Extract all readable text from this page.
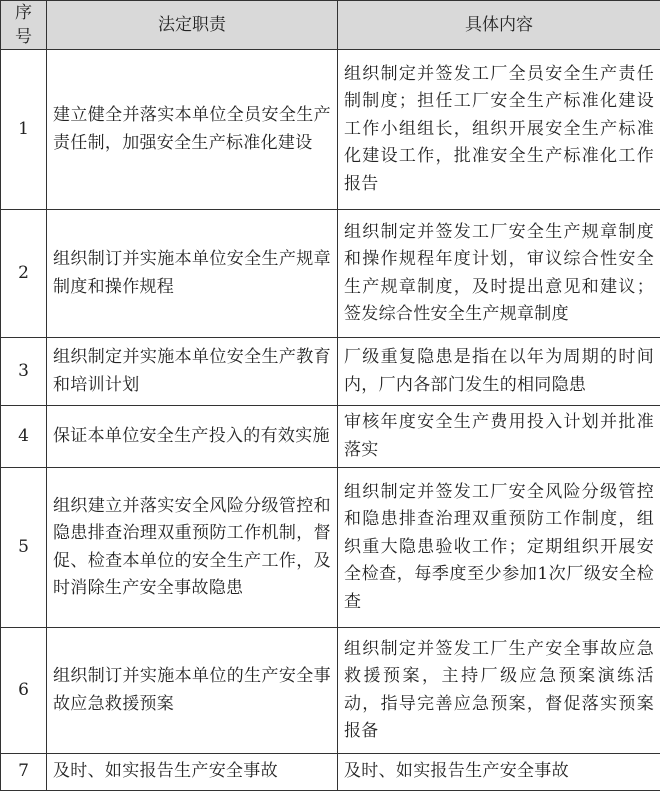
序号	法定职责	具体内容
1	建立健全并落实本单位全员安全生产责任制，加强安全生产标准化建设	组织制定并签发工厂全员安全生产责任制制度；担任工厂安全生产标准化建设工作小组组长，组织开展安全生产标准化建设工作，批准安全生产标准化工作报告
2	组织制订并实施本单位安全生产规章制度和操作规程	组织制定并签发工厂安全生产规章制度和操作规程年度计划，审议综合性安全生产规章制度，及时提出意见和建议；签发综合性安全生产规章制度
3	组织制定并实施本单位安全生产教育和培训计划	厂级重复隐患是指在以年为周期的时间内，厂内各部门发生的相同隐患
4	保证本单位安全生产投入的有效实施	审核年度安全生产费用投入计划并批准落实
5	组织建立并落实安全风险分级管控和隐患排查治理双重预防工作机制，督促、检查本单位的安全生产工作，及时消除生产安全事故隐患	组织制定并签发工厂安全风险分级管控和隐患排查治理双重预防工作制度，组织重大隐患验收工作；定期组织开展安全检查，每季度至少参加1次厂级安全检查
6	组织制订并实施本单位的生产安全事故应急救援预案	组织制定并签发工厂生产安全事故应急救援预案，主持厂级应急预案演练活动，指导完善应急预案，督促落实预案报备
7	及时、如实报告生产安全事故	及时、如实报告生产安全事故
